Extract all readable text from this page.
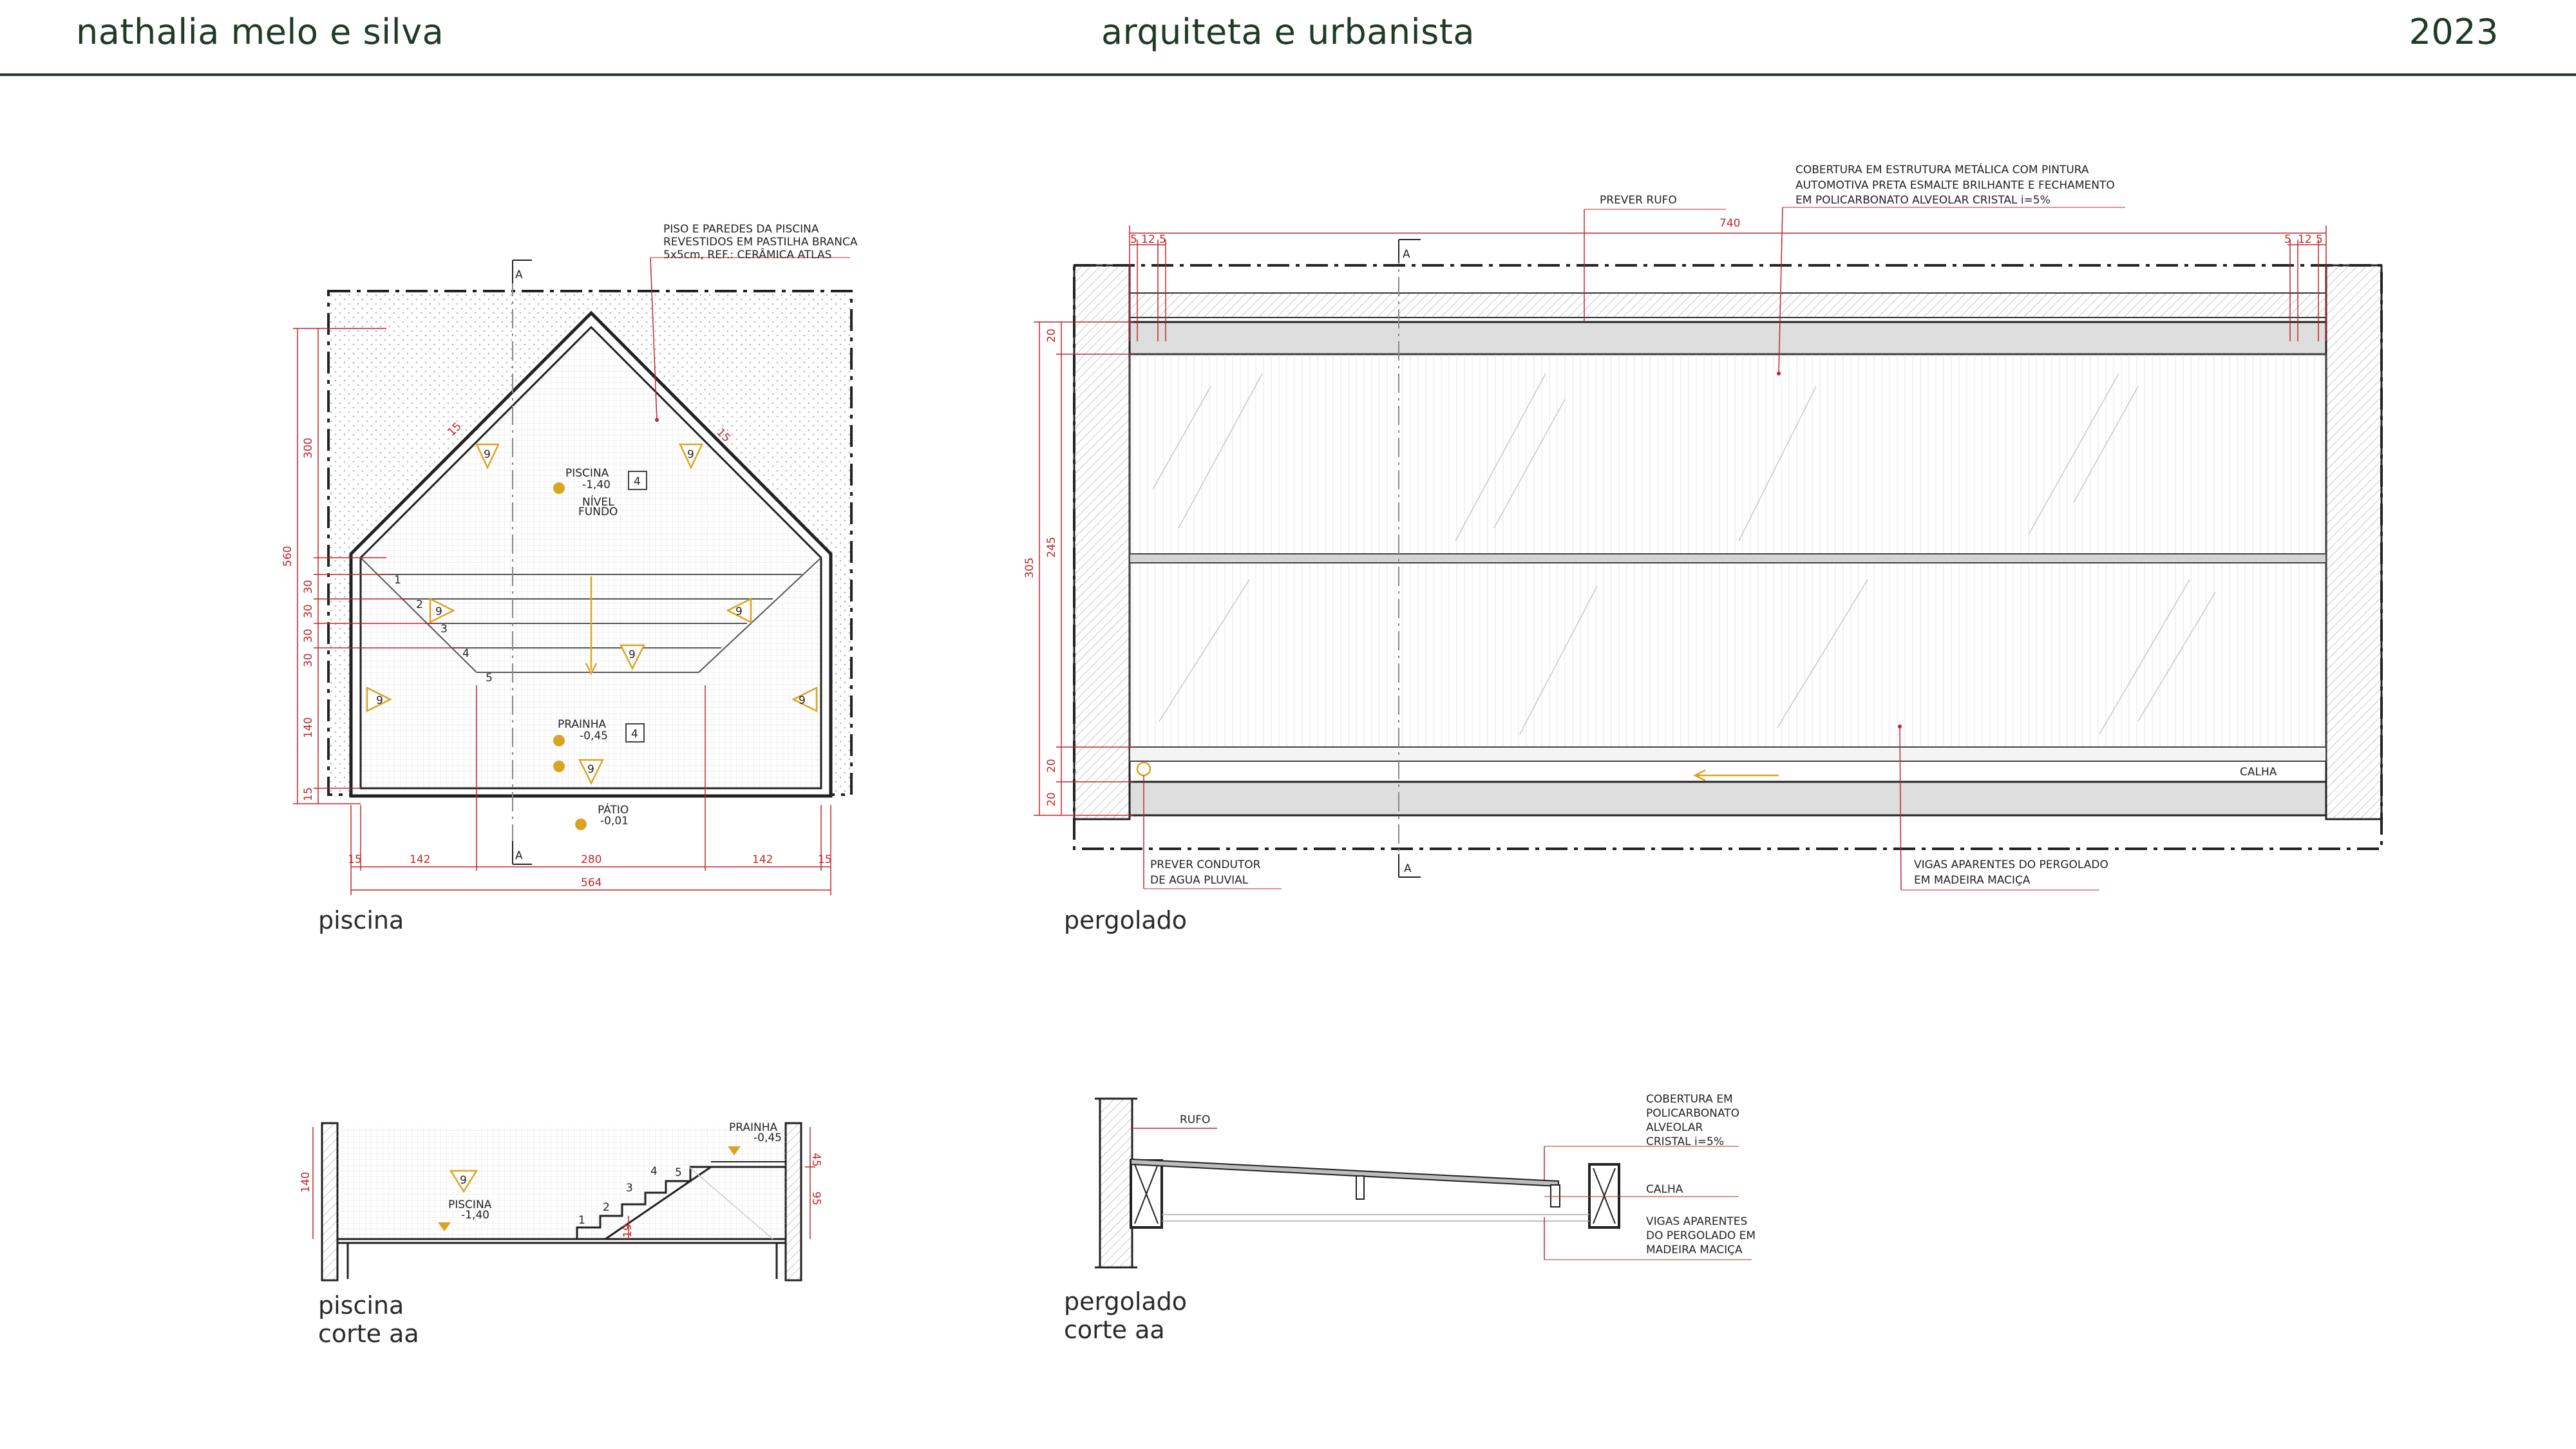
nathalia melo e silva	arquiteta e urbanista	2023
1
2
3
4
5
A
A
PISO E PAREDES DA PISCINA
REVESTIDOS EM PASTILHA BRANCA
5x5cm, REF.: CERÂMICA ATLAS
PISCINA
-1,40
NÍVEL
FUNDO
4
PRAINHA
-0,45 4
PÁTIO
-0,01
9	9
9	9
9
9	9
9
15	15
300
560
30
30
30
30
140
15
15	142	280	142	15
564
A
A
740
5 12 5	5 12 5
20
245
305
20
20
PREVER RUFO
COBERTURA EM ESTRUTURA METÁLICA COM PINTURA
AUTOMOTIVA PRETA ESMALTE BRILHANTE E FECHAMENTO
EM POLICARBONATO ALVEOLAR CRISTAL i=5%
CALHA
PREVER CONDUTOR
DE AGUA PLUVIAL
VIGAS APARENTES DO PERGOLADO
EM MADEIRA MACIÇA
1
2
3
4 5
PRAINHA
-0,45
9
PISCINA
-1,40
140
45
95
19
RUFO
COBERTURA EM
POLICARBONATO
ALVEOLAR
CRISTAL i=5%
CALHA
VIGAS APARENTES
DO PERGOLADO EM
MADEIRA MACIÇA
piscina	pergolado
piscina
corte aa
pergolado
corte aa
